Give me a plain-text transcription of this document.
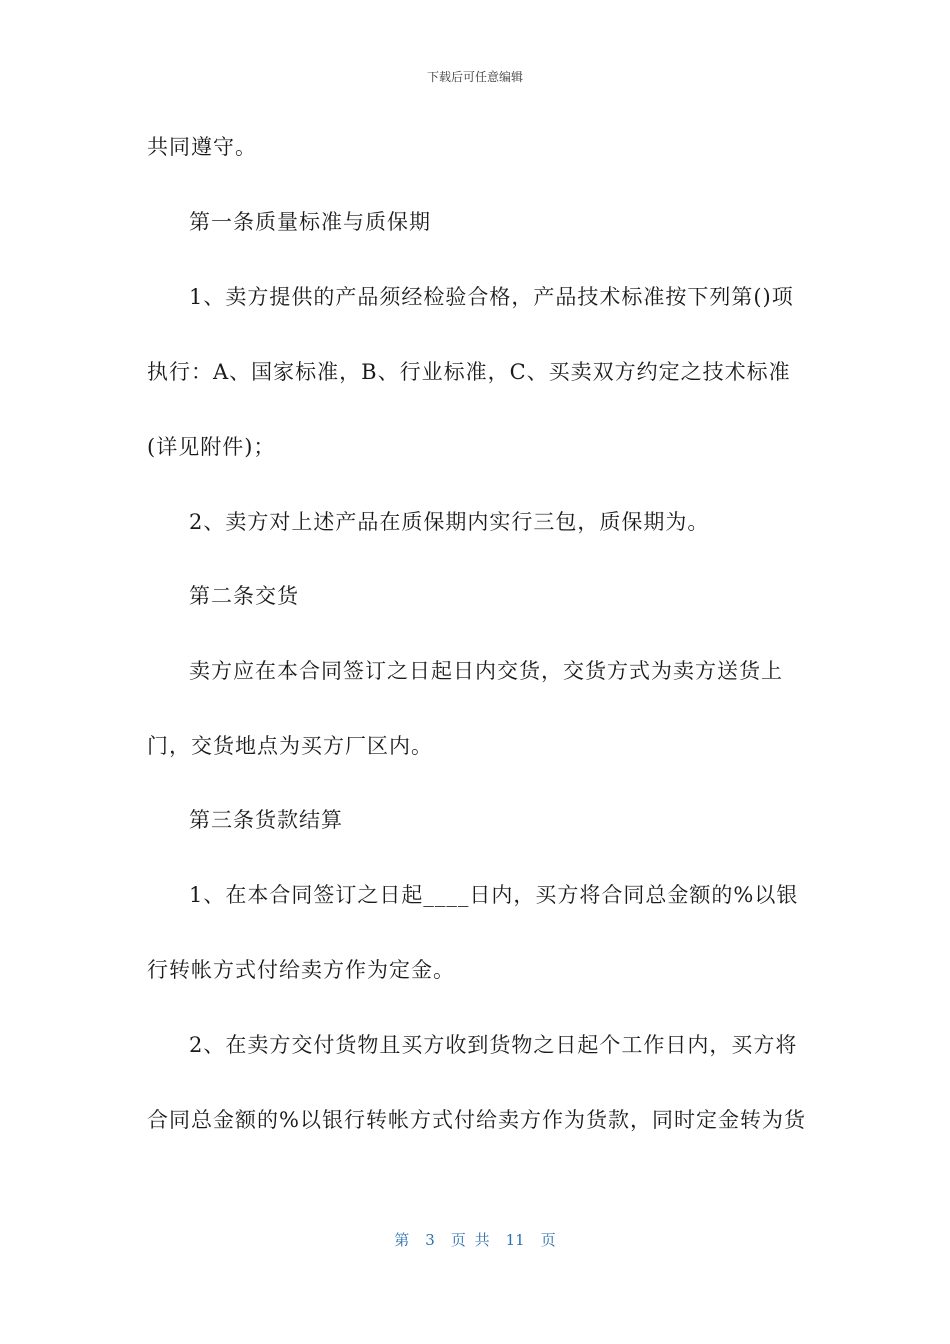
下载后可任意编辑
共同遵守。
第一条质量标准与质保期
1、卖方提供的产品须经检验合格，产品技术标准按下列第()项
执行：A、国家标准，B、行业标准，C、买卖双方约定之技术标准
(详见附件)；
2、卖方对上述产品在质保期内实行三包，质保期为。
第二条交货
卖方应在本合同签订之日起日内交货，交货方式为卖方送货上
门，交货地点为买方厂区内。
第三条货款结算
1、在本合同签订之日起____日内，买方将合同总金额的%以银
行转帐方式付给卖方作为定金。
2、在卖方交付货物且买方收到货物之日起个工作日内，买方将
合同总金额的%以银行转帐方式付给卖方作为货款，同时定金转为货
第 3 页 共 11 页
